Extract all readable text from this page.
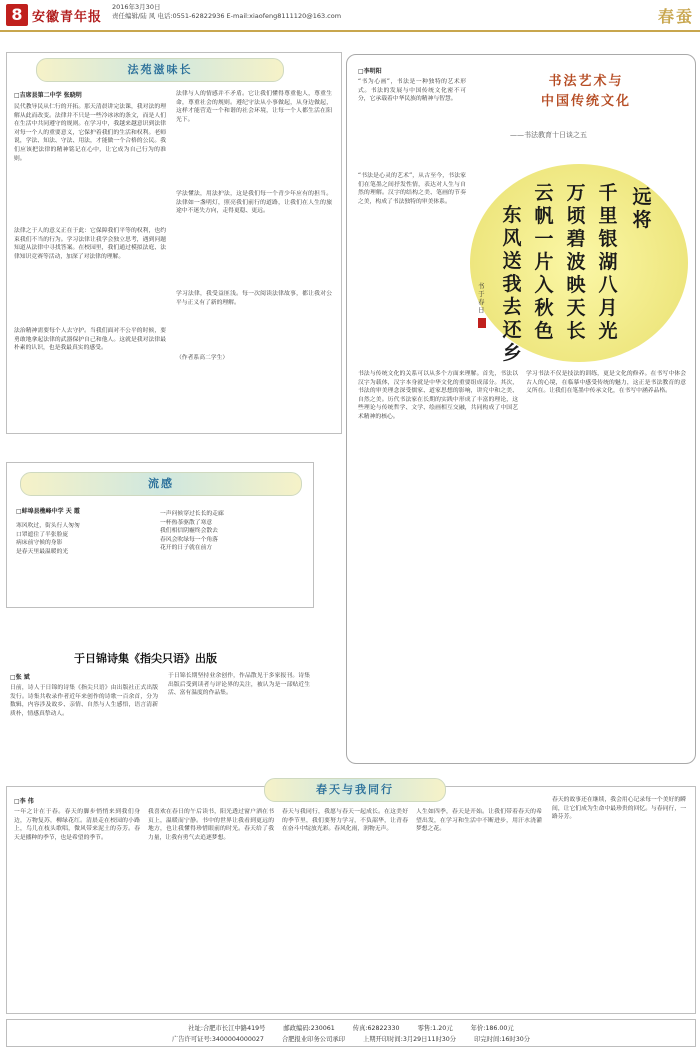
8 安徽青年报
2016年3月30日
责任编辑/陆 风 电话:0551-62822936 E-mail:xiaofeng8111120@163.com	春蚕
法苑滋味长
□吉席县第二中学 张晓明
民代教导民从仁行的开拓。那天清晨讲完法课，我对法的理解从此而改变。法律并不只是一些冷冰冰的条文，而是人们在生活中共同遵守的规则。在学习中，我越来越意识到法律对每一个人的重要意义，它保护着我们的生活和权利。老师说，学法、知法、守法、用法，才能做一个合格的公民。我们应该把法律的精神铭记在心中，让它成为自己行为的准则。
法律之于人的意义正在于此：它保障我们平等的权利，也约束我们不当的行为。学习法律让我学会独立思考，遇到问题知道从法律中寻找答案。在校园里，我们通过模拟法庭、法律知识竞赛等活动，加深了对法律的理解。
法治精神需要每个人去守护。当我们面对不公平的时候，要勇敢地拿起法律的武器保护自己和他人。这就是我对法律最朴素的认识，也是我最真实的感受。
法律与人的情感并不矛盾。它让我们懂得尊重他人，尊重生命，尊重社会的规则。遵纪守法从小事做起，从身边做起，这样才能营造一个和谐的社会环境，让每一个人都生活在阳光下。
学法懂法，用法护法，这是我们每一个青少年应有的担当。法律如一盏明灯，照亮我们前行的道路，让我们在人生的旅途中不迷失方向，走得更稳、更远。
学习法律，我受益匪浅。每一次阅读法律故事，都让我对公平与正义有了新的理解。
（作者系高二学生）
流感
□蚌埠县樵峰中学 天 霞
寒风吹过，街头行人匆匆
口罩遮住了半张脸庞
病床前守候的身影
是春天里最温暖的光
一声问候穿过长长的走廊
一杯热茶驱散了寒意
我们相信阴霾终会散去
春风会吹绿每一个角落
花开的日子就在前方
于日锦诗集《指尖只语》出版
□张 斌
日前，诗人于日锦的诗集《指尖只语》由出版社正式出版发行。诗集共收录作者近年来创作的诗歌一百余首，分为数辑，内容涉及故乡、亲情、自然与人生感悟，语言清新质朴，情感真挚动人。
于日锦长期坚持业余创作，作品散见于多家报刊。诗集出版后受到读者与评论界的关注，被认为是一部贴近生活、富有温度的作品集。
□李明阳
“书为心画”，书法是一种独特的艺术形式。书法的发展与中国传统文化密不可分，它承载着中华民族的精神与智慧。
“书法是心灵的艺术”，从古至今，书法家们在笔墨之间抒发性情，表达对人生与自然的理解。汉字的结构之美、笔画的节奏之美，构成了书法独特的审美体系。
书法艺术与
中国传统文化
——书法教育十日谈之五
东风送我去还乡
云帆一片入秋色
万顷碧波映天长
千里银湖八月光
远将
书于春日
书法与传统文化的关系可以从多个方面来理解。首先，书法以汉字为载体，汉字本身就是中华文化的重要组成部分。其次，书法的审美理念深受儒家、道家思想的影响，讲究中和之美、自然之美。历代书法家在长期的实践中形成了丰富的理论，这些理论与传统哲学、文学、绘画相互交融，共同构成了中国艺术精神的核心。
学习书法不仅是技法的训练，更是文化的修养。在书写中体会古人的心境，在临摹中感受传统的魅力，这正是书法教育的意义所在。让我们在笔墨中传承文化，在书写中涵养品格。
春天与我同行
□李 伟
一年之计在于春。春天的脚步悄悄来到我们身边，万物复苏，柳绿花红。清晨走在校园的小路上，鸟儿在枝头歌唱，微风带来泥土的芬芳。春天是播种的季节，也是希望的季节。
我喜欢在春日的午后读书，阳光透过窗户洒在书页上，温暖而宁静。书中的世界让我看到更远的地方，也让我懂得珍惜眼前的时光。春天给了我力量，让我有勇气去追逐梦想。
春天与我同行，我愿与春天一起成长。在这美好的季节里，我们要努力学习，不负韶华，让青春在奋斗中绽放光彩。春风化雨，润物无声。
人生如四季，春天是开始。让我们带着春天的希望出发，在学习和生活中不断进步，用汗水浇灌梦想之花。
春天的故事还在继续，我会用心记录每一个美好的瞬间，让它们成为生命中最珍贵的回忆。与春同行，一路芬芳。
社址:合肥市长江中路419号	邮政编码:230061	传真:62822330	零售:1.20元	年价:186.00元
广告许可证号:3400004000027	合肥报业印务公司承印	上期开印时间:3月29日11时30分	印完时间:16时30分
